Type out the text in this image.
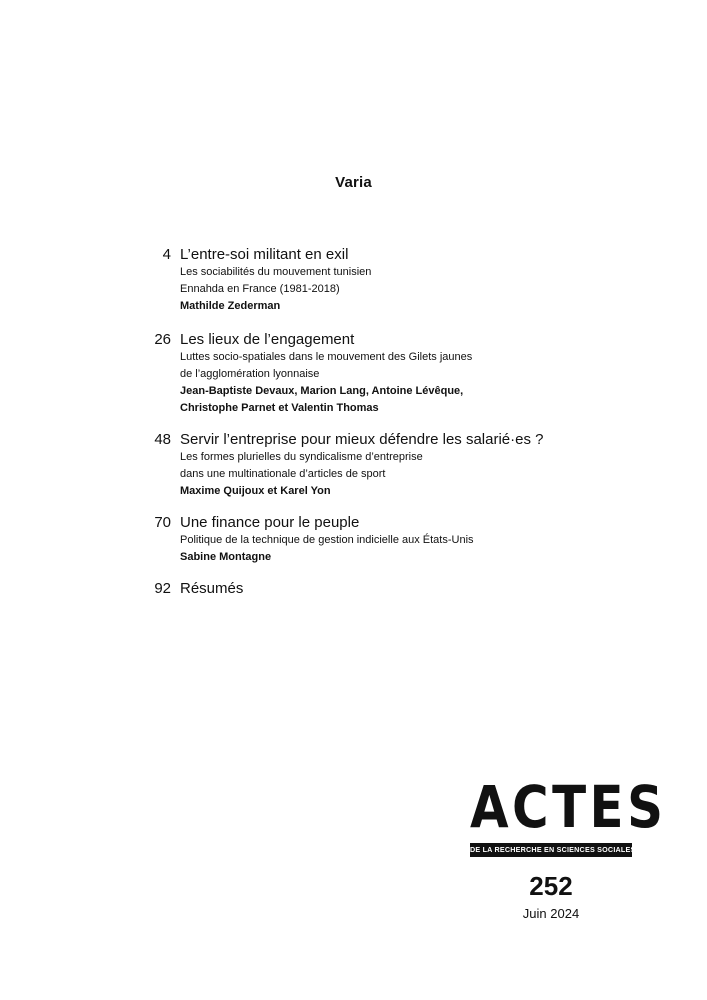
Varia
4 L’entre-soi militant en exil
Les sociabilités du mouvement tunisien
Ennahda en France (1981-2018)
Mathilde Zederman
26 Les lieux de l’engagement
Luttes socio-spatiales dans le mouvement des Gilets jaunes
de l’agglomération lyonnaise
Jean-Baptiste Devaux, Marion Lang, Antoine Lévêque,
Christophe Parnet et Valentin Thomas
48 Servir l’entreprise pour mieux défendre les salarié·es ?
Les formes plurielles du syndicalisme d’entreprise
dans une multinationale d’articles de sport
Maxime Quijoux et Karel Yon
70 Une finance pour le peuple
Politique de la technique de gestion indicielle aux États-Unis
Sabine Montagne
92 Résumés
ACTES
DE LA RECHERCHE EN SCIENCES SOCIALES
252
Juin 2024
